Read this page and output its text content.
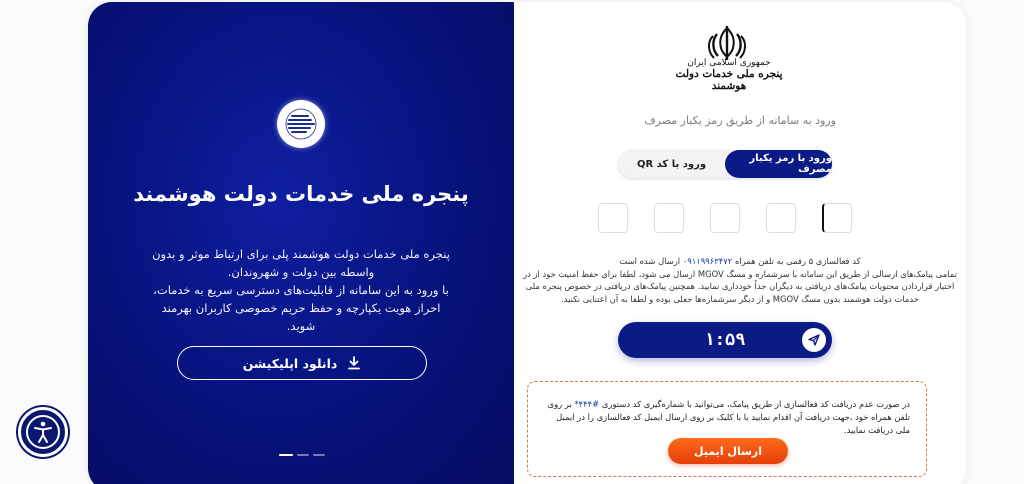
پنجره ملی خدمات دولت هوشمند
پنجره ملی خدمات دولت هوشمند پلی برای ارتباط موثر و بدون واسطه بین دولت و شهروندان.
با ورود به این سامانه از قابلیت‌های دسترسی سریع به خدمات، احراز هویت یکپارچه و حفظ حریم خصوصی کاربران بهرمند شوید.
دانلود اپلیکیشن
جمهوری اسلامی ایران
پنجره ملی خدمات دولت هوشمند
ورود به سامانه از طریق رمز یکبار مصرف
ورود با رمز یکبار مصرف
ورود با کد QR
کد فعالسازی ۵ رقمی به تلفن همراه ۰۹۱۱۹۹۶۳۴۷۲ ارسال شده است
تمامی پیامک‌های ارسالی از طریق این سامانه با سرشماره و مسگ MGOV ارسال می شود، لطفا برای حفظ امنیت خود از در اختیار قراردادن محتویات پیامک‌های دریافتی به دیگران جداً خودداری نمایید. همچنین پیامک‌های دریافتی در خصوص پنجره ملی خدمات دولت هوشمند بدون مسگ MGOV و از دیگر سرشماره‌ها جعلی بوده و لطفا به آن اعتنایی نکنید.
۱:۵۹
در صورت عدم دریافت کد فعالسازی از طریق پیامک، می‌توانید با شماره‌گیری کد دستوری #۴۴۴* بر روی تلفن همراه خود ،جهت دریافت آن اقدام نمایید یا با کلیک بر روی ارسال ایمیل کد فعالسازی را در ایمیل ملی دریافت نمایید.
ارسال ایمیل
